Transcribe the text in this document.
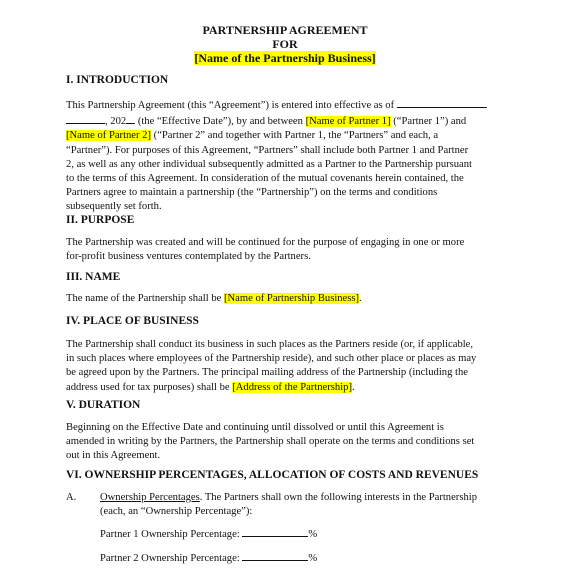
PARTNERSHIP AGREEMENT
FOR
[Name of the Partnership Business]
I. INTRODUCTION
This Partnership Agreement (this “Agreement”) is entered into effective as of
, 202 (the “Effective Date”), by and between [Name of Partner 1] (“Partner 1”) and
[Name of Partner 2] (“Partner 2” and together with Partner 1, the “Partners” and each, a
“Partner”). For purposes of this Agreement, “Partners” shall include both Partner 1 and Partner
2, as well as any other individual subsequently admitted as a Partner to the Partnership pursuant
to the terms of this Agreement. In consideration of the mutual covenants herein contained, the
Partners agree to maintain a partnership (the “Partnership”) on the terms and conditions
subsequently set forth.
II. PURPOSE
The Partnership was created and will be continued for the purpose of engaging in one or more
for-profit business ventures contemplated by the Partners.
III. NAME
The name of the Partnership shall be [Name of Partnership Business].
IV. PLACE OF BUSINESS
The Partnership shall conduct its business in such places as the Partners reside (or, if applicable,
in such places where employees of the Partnership reside), and such other place or places as may
be agreed upon by the Partners. The principal mailing address of the Partnership (including the
address used for tax purposes) shall be [Address of the Partnership].
V. DURATION
Beginning on the Effective Date and continuing until dissolved or until this Agreement is
amended in writing by the Partners, the Partnership shall operate on the terms and conditions set
out in this Agreement.
VI. OWNERSHIP PERCENTAGES, ALLOCATION OF COSTS AND REVENUES
A. Ownership Percentages. The Partners shall own the following interests in the Partnership
(each, an “Ownership Percentage”):
Partner 1 Ownership Percentage:	%
Partner 2 Ownership Percentage:	%
